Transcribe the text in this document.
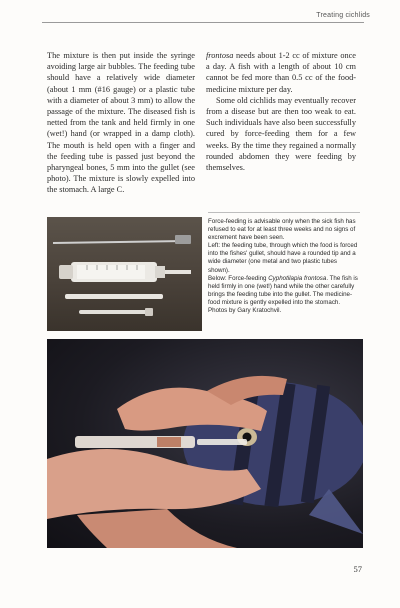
Treating cichlids

The mixture is then put inside the syringe avoiding large air bubbles. The feeding tube should have a relatively wide diameter (about 1 mm (#16 gauge) or a plastic tube with a diameter of about 3 mm) to allow the passage of the mixture. The diseased fish is netted from the tank and held firmly in one (wet!) hand (or wrapped in a damp cloth). The mouth is held open with a finger and the feeding tube is passed just beyond the pharyngeal bones, 5 mm into the gullet (see photo). The mixture is slowly expelled into the stomach. A large C.

frontosa needs about 1-2 cc of mixture once a day. A fish with a length of about 10 cm cannot be fed more than 0.5 cc of the food-medicine mixture per day.

Some old cichlids may eventually recover from a disease but are then too weak to eat. Such individuals have also been successfully cured by force-feeding them for a few weeks. By the time they regained a normally rounded abdomen they were feeding by themselves.

Force-feeding is advisable only when the sick fish has refused to eat for at least three weeks and no signs of excrement have been seen.

Left: the feeding tube, through which the food is forced into the fishes' gullet, should have a rounded tip and a wide diameter (one metal and two plastic tubes shown).

Below: Force-feeding Cyphotilapia frontosa. The fish is held firmly in one (wet!) hand while the other carefully brings the feeding tube into the gullet. The medicine-food mixture is gently expelled into the stomach. Photos by Gary Kratochvil.

57
